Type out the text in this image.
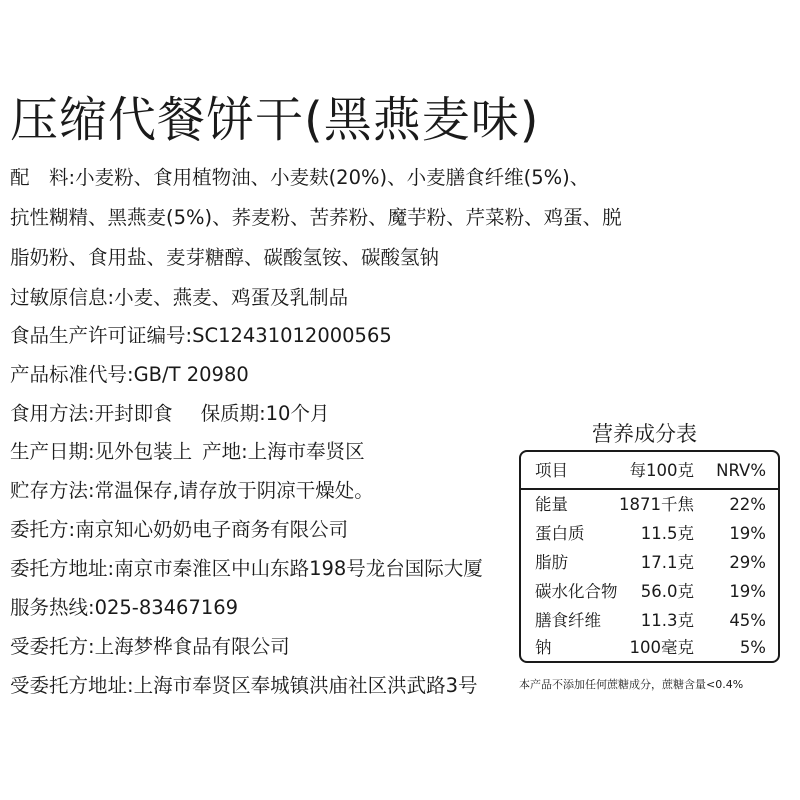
压缩代餐饼干(黑燕麦味)
配　料:小麦粉、食用植物油、小麦麸(20%)、小麦膳食纤维(5%)、
抗性糊精、黑燕麦(5%)、荞麦粉、苦荞粉、魔芋粉、芹菜粉、鸡蛋、脱
脂奶粉、食用盐、麦芽糖醇、碳酸氢铵、碳酸氢钠
过敏原信息:小麦、燕麦、鸡蛋及乳制品
食品生产许可证编号:SC12431012000565
产品标准代号:GB/T 20980
食用方法:开封即食 保质期:10个月
生产日期:见外包装上 产地:上海市奉贤区
贮存方法:常温保存,请存放于阴凉干燥处。
委托方:南京知心奶奶电子商务有限公司
委托方地址:南京市秦淮区中山东路198号龙台国际大厦
服务热线:025-83467169
受委托方:上海梦桦食品有限公司
受委托方地址:上海市奉贤区奉城镇洪庙社区洪武路3号
营养成分表
项目	每100克 NRV%
能量	1871千焦 22%
蛋白质	11.5克 19%
脂肪	17.1克 29%
碳水化合物 56.0克 19%
膳食纤维 11.3克 45%
钠	100毫克	5%
本产品不添加任何蔗糖成分，蔗糖含量<0.4%
